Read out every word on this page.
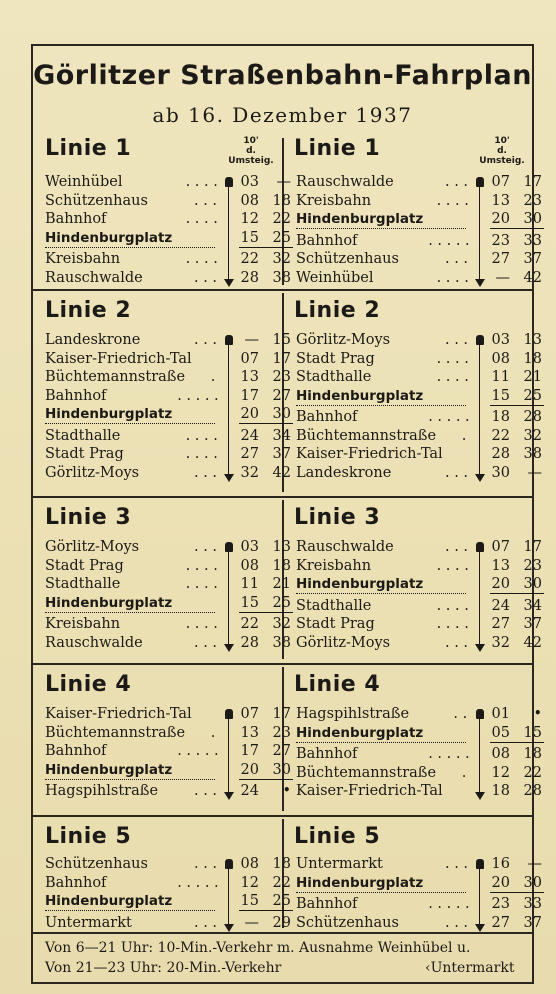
Görlitzer Straßenbahn-Fahrplan
ab 16. Dezember 1937
Linie 1	10'
d. Umsteig.
Weinhübel	. . . . 03	—
Schützenhaus	. . . 08 18
Bahnhof	. . . . 12 22
Hindenburgplatz	15 25
Kreisbahn	. . . . 22 32
Rauschwalde	. . . 28 38
Linie 1	10'
d. Umsteig.
Rauschwalde	. . . 07 17
Kreisbahn	. . . . 13 23
Hindenburgplatz	20 30
Bahnhof	. . . . . 23 33
Schützenhaus	. . . 27 37
Weinhübel	. . . .	— 42
Linie 2
Landeskrone	. . .	— 15
Kaiser-Friedrich-Tal	07 17
Büchtemannstraße . 13 23
Bahnhof	. . . . . 17 27
Hindenburgplatz	20 30
Stadthalle	. . . . 24 34
Stadt Prag	. . . . 27 37
Görlitz-Moys	. . . 32 42
Linie 2
Görlitz-Moys	. . . 03 13
Stadt Prag	. . . . 08 18
Stadthalle	. . . . 11 21
Hindenburgplatz	15 25
Bahnhof	. . . . . 18 28
Büchtemannstraße . 22 32
Kaiser-Friedrich-Tal	28 38
Landeskrone	. . . 30	—
Linie 3
Görlitz-Moys	. . . 03 13
Stadt Prag	. . . . 08 18
Stadthalle	. . . . 11 21
Hindenburgplatz	15 25
Kreisbahn	. . . . 22 32
Rauschwalde	. . . 28 38
Linie 3
Rauschwalde	. . . 07 17
Kreisbahn	. . . . 13 23
Hindenburgplatz	20 30
Stadthalle	. . . . 24 34
Stadt Prag	. . . . 27 37
Görlitz-Moys	. . . 32 42
Linie 4
Kaiser-Friedrich-Tal	07 17
Büchtemannstraße . 13 23
Bahnhof	. . . . . 17 27
Hindenburgplatz	20 30
Hagspihlstraße . . . 24	•
Linie 4
Hagspihlstraße	. . 01	•
Hindenburgplatz	05 15
Bahnhof	. . . . . 08 18
Büchtemannstraße . 12 22
Kaiser-Friedrich-Tal	18 28
Linie 5
Schützenhaus	. . . 08 18
Bahnhof	. . . . . 12 22
Hindenburgplatz	15 25
Untermarkt	. . .	— 29
Linie 5
Untermarkt	. . . 16	—
Hindenburgplatz	20 30
Bahnhof	. . . . . 23 33
Schützenhaus	. . . 27 37
Von 6—21 Uhr: 10-Min.-Verkehr m. Ausnahme Weinhübel u.
Von 21—23 Uhr: 20-Min.-Verkehr	‹Untermarkt
